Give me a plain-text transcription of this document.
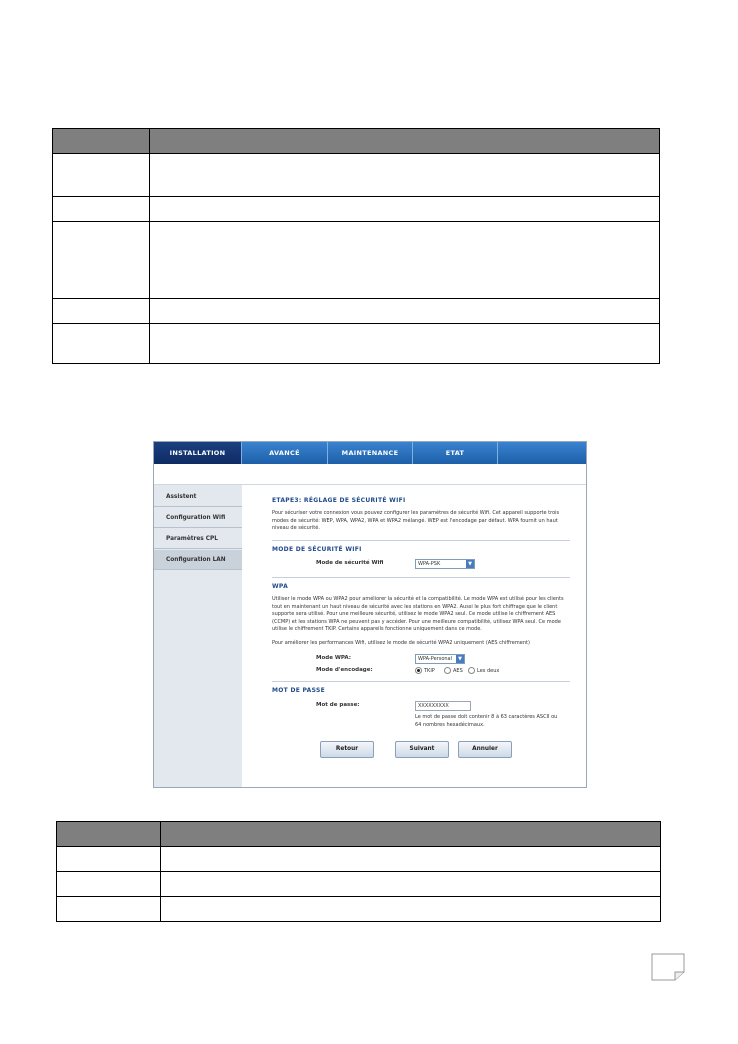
INSTALLATION	AVANCÉ	MAINTENANCE	ETAT
Assistent
Configuration Wifi
Paramètres CPL
Configuration LAN
ETAPE3: RÉGLAGE DE SÉCURITÉ WIFI
Pour sécuriser votre connexion vous pouvez configurer les paramètres de sécurité Wifi. Cet appareil supporte trois modes de sécurité: WEP, WPA, WPA2, WPA et WPA2 mélangé. WEP est l'encodage par défaut. WPA fournit un haut niveau de sécurité.
MODE DE SÉCURITÉ WIFI
Mode de sécurité Wifi	WPA-PSK	▼
WPA
Utiliser le mode WPA ou WPA2 pour améliorer la sécurité et la compatibilité. Le mode WPA est utilisé pour les clients tout en maintenant un haut niveau de sécurité avec les stations en WPA2. Aussi le plus fort chiffrage que le client supporte sera utilisé. Pour une meilleure sécurité, utilisez le mode WPA2 seul. Ce mode utilise le chiffrement AES (CCMP) et les stations WPA ne peuvent pas y accéder. Pour une meilleure compatibilité, utilisez WPA seul. Ce mode utilise le chiffrement TKIP. Certains appareils fonctionne uniquement dans ce mode.
Pour améliorer les performances Wifi, utilisez le mode de sécurité WPA2 uniquement (AES chiffrement)
Mode WPA:	WPA-Personal	▼
Mode d'encodage:	TKIP	AES	Les deux
MOT DE PASSE
Mot de passe:	XXXXXXXXX
Le mot de passe doit contenir 8 à 63 caractères ASCII ou 64 nombres hexadécimaux.
Retour	Suivant	Annuler
